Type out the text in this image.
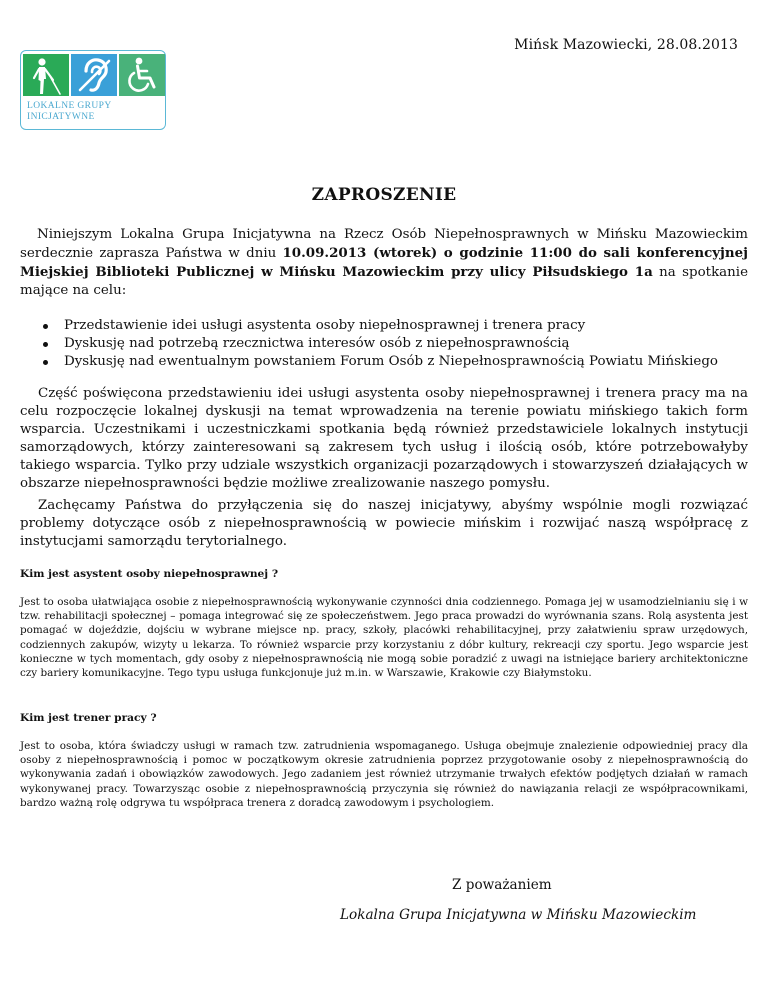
Mińsk Mazowiecki, 28.08.2013
LOKALNE GRUPY
INICJATYWNE
ZAPROSZENIE
Niniejszym Lokalna Grupa Inicjatywna na Rzecz Osób Niepełnosprawnych w Mińsku Mazowieckim serdecznie zaprasza Państwa w dniu 10.09.2013 (wtorek) o godzinie 11:00 do sali konferencyjnej Miejskiej Biblioteki Publicznej w Mińsku Mazowieckim przy ulicy Piłsudskiego 1a na spotkanie mające na celu:
Przedstawienie idei usługi asystenta osoby niepełnosprawnej i trenera pracy
Dyskusję nad potrzebą rzecznictwa interesów osób z niepełnosprawnością
Dyskusję nad ewentualnym powstaniem Forum Osób z Niepełnosprawnością Powiatu Mińskiego
Część poświęcona przedstawieniu idei usługi asystenta osoby niepełnosprawnej i trenera pracy ma na celu rozpoczęcie lokalnej dyskusji na temat wprowadzenia na terenie powiatu mińskiego takich form wsparcia. Uczestnikami i uczestniczkami spotkania będą również przedstawiciele lokalnych instytucji samorządowych, którzy zainteresowani są zakresem tych usług i ilością osób, które potrzebowałyby takiego wsparcia. Tylko przy udziale wszystkich organizacji pozarządowych i stowarzyszeń działających w obszarze niepełnosprawności będzie możliwe zrealizowanie naszego pomysłu.
Zachęcamy Państwa do przyłączenia się do naszej inicjatywy, abyśmy wspólnie mogli rozwiązać problemy dotyczące osób z niepełnosprawnością w powiecie mińskim i rozwijać naszą współpracę z instytucjami samorządu terytorialnego.
Kim jest asystent osoby niepełnosprawnej ?
Jest to osoba ułatwiająca osobie z niepełnosprawnością wykonywanie czynności dnia codziennego. Pomaga jej w usamodzielnianiu się i w tzw. rehabilitacji społecznej – pomaga integrować się ze społeczeństwem. Jego praca prowadzi do wyrównania szans. Rolą asystenta jest pomagać w dojeździe, dojściu w wybrane miejsce np. pracy, szkoły, placówki rehabilitacyjnej, przy załatwieniu spraw urzędowych, codziennych zakupów, wizyty u lekarza. To również wsparcie przy korzystaniu z dóbr kultury, rekreacji czy sportu. Jego wsparcie jest konieczne w tych momentach, gdy osoby z niepełnosprawnością nie mogą sobie poradzić z uwagi na istniejące bariery architektoniczne czy bariery komunikacyjne. Tego typu usługa funkcjonuje już m.in. w Warszawie, Krakowie czy Białymstoku.
Kim jest trener pracy ?
Jest to osoba, która świadczy usługi w ramach tzw. zatrudnienia wspomaganego. Usługa obejmuje znalezienie odpowiedniej pracy dla osoby z niepełnosprawnością i pomoc w początkowym okresie zatrudnienia poprzez przygotowanie osoby z niepełnosprawnością do wykonywania zadań i obowiązków zawodowych. Jego zadaniem jest również utrzymanie trwałych efektów podjętych działań w ramach wykonywanej pracy. Towarzysząc osobie z niepełnosprawnością przyczynia się również do nawiązania relacji ze współpracownikami, bardzo ważną rolę odgrywa tu współpraca trenera z doradcą zawodowym i psychologiem.
Z poważaniem
Lokalna Grupa Inicjatywna w Mińsku Mazowieckim
